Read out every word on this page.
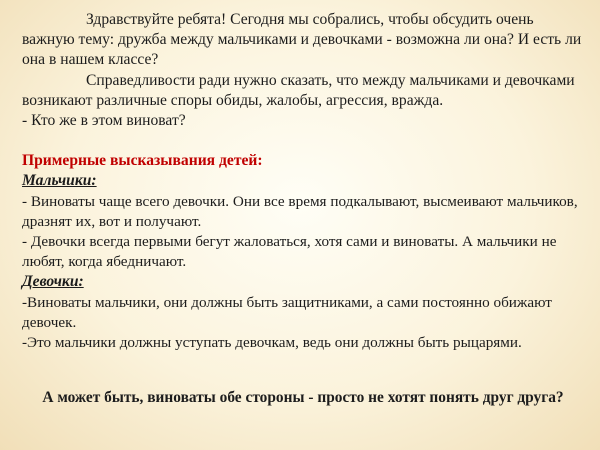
Здравствуйте ребята! Сегодня мы собрались, чтобы обсудить очень важную тему: дружба между мальчиками и девочками - возможна ли она? И есть ли она в нашем классе?

Справедливости ради нужно сказать, что между мальчиками и девочками возникают различные споры обиды, жалобы, агрессия, вражда.

- Кто же в этом виноват?

Примерные высказывания детей:

Мальчики:

- Виноваты чаще всего девочки. Они все время подкалывают, высмеивают мальчиков, дразнят их, вот и получают.

- Девочки всегда первыми бегут жаловаться, хотя сами и виноваты. А мальчики не любят, когда ябедничают.

Девочки:

-Виноваты мальчики, они должны быть защитниками, а сами постоянно обижают девочек.

-Это мальчики должны уступать девочкам, ведь они должны быть рыцарями.

А может быть, виноваты обе стороны - просто не хотят понять друг друга?
